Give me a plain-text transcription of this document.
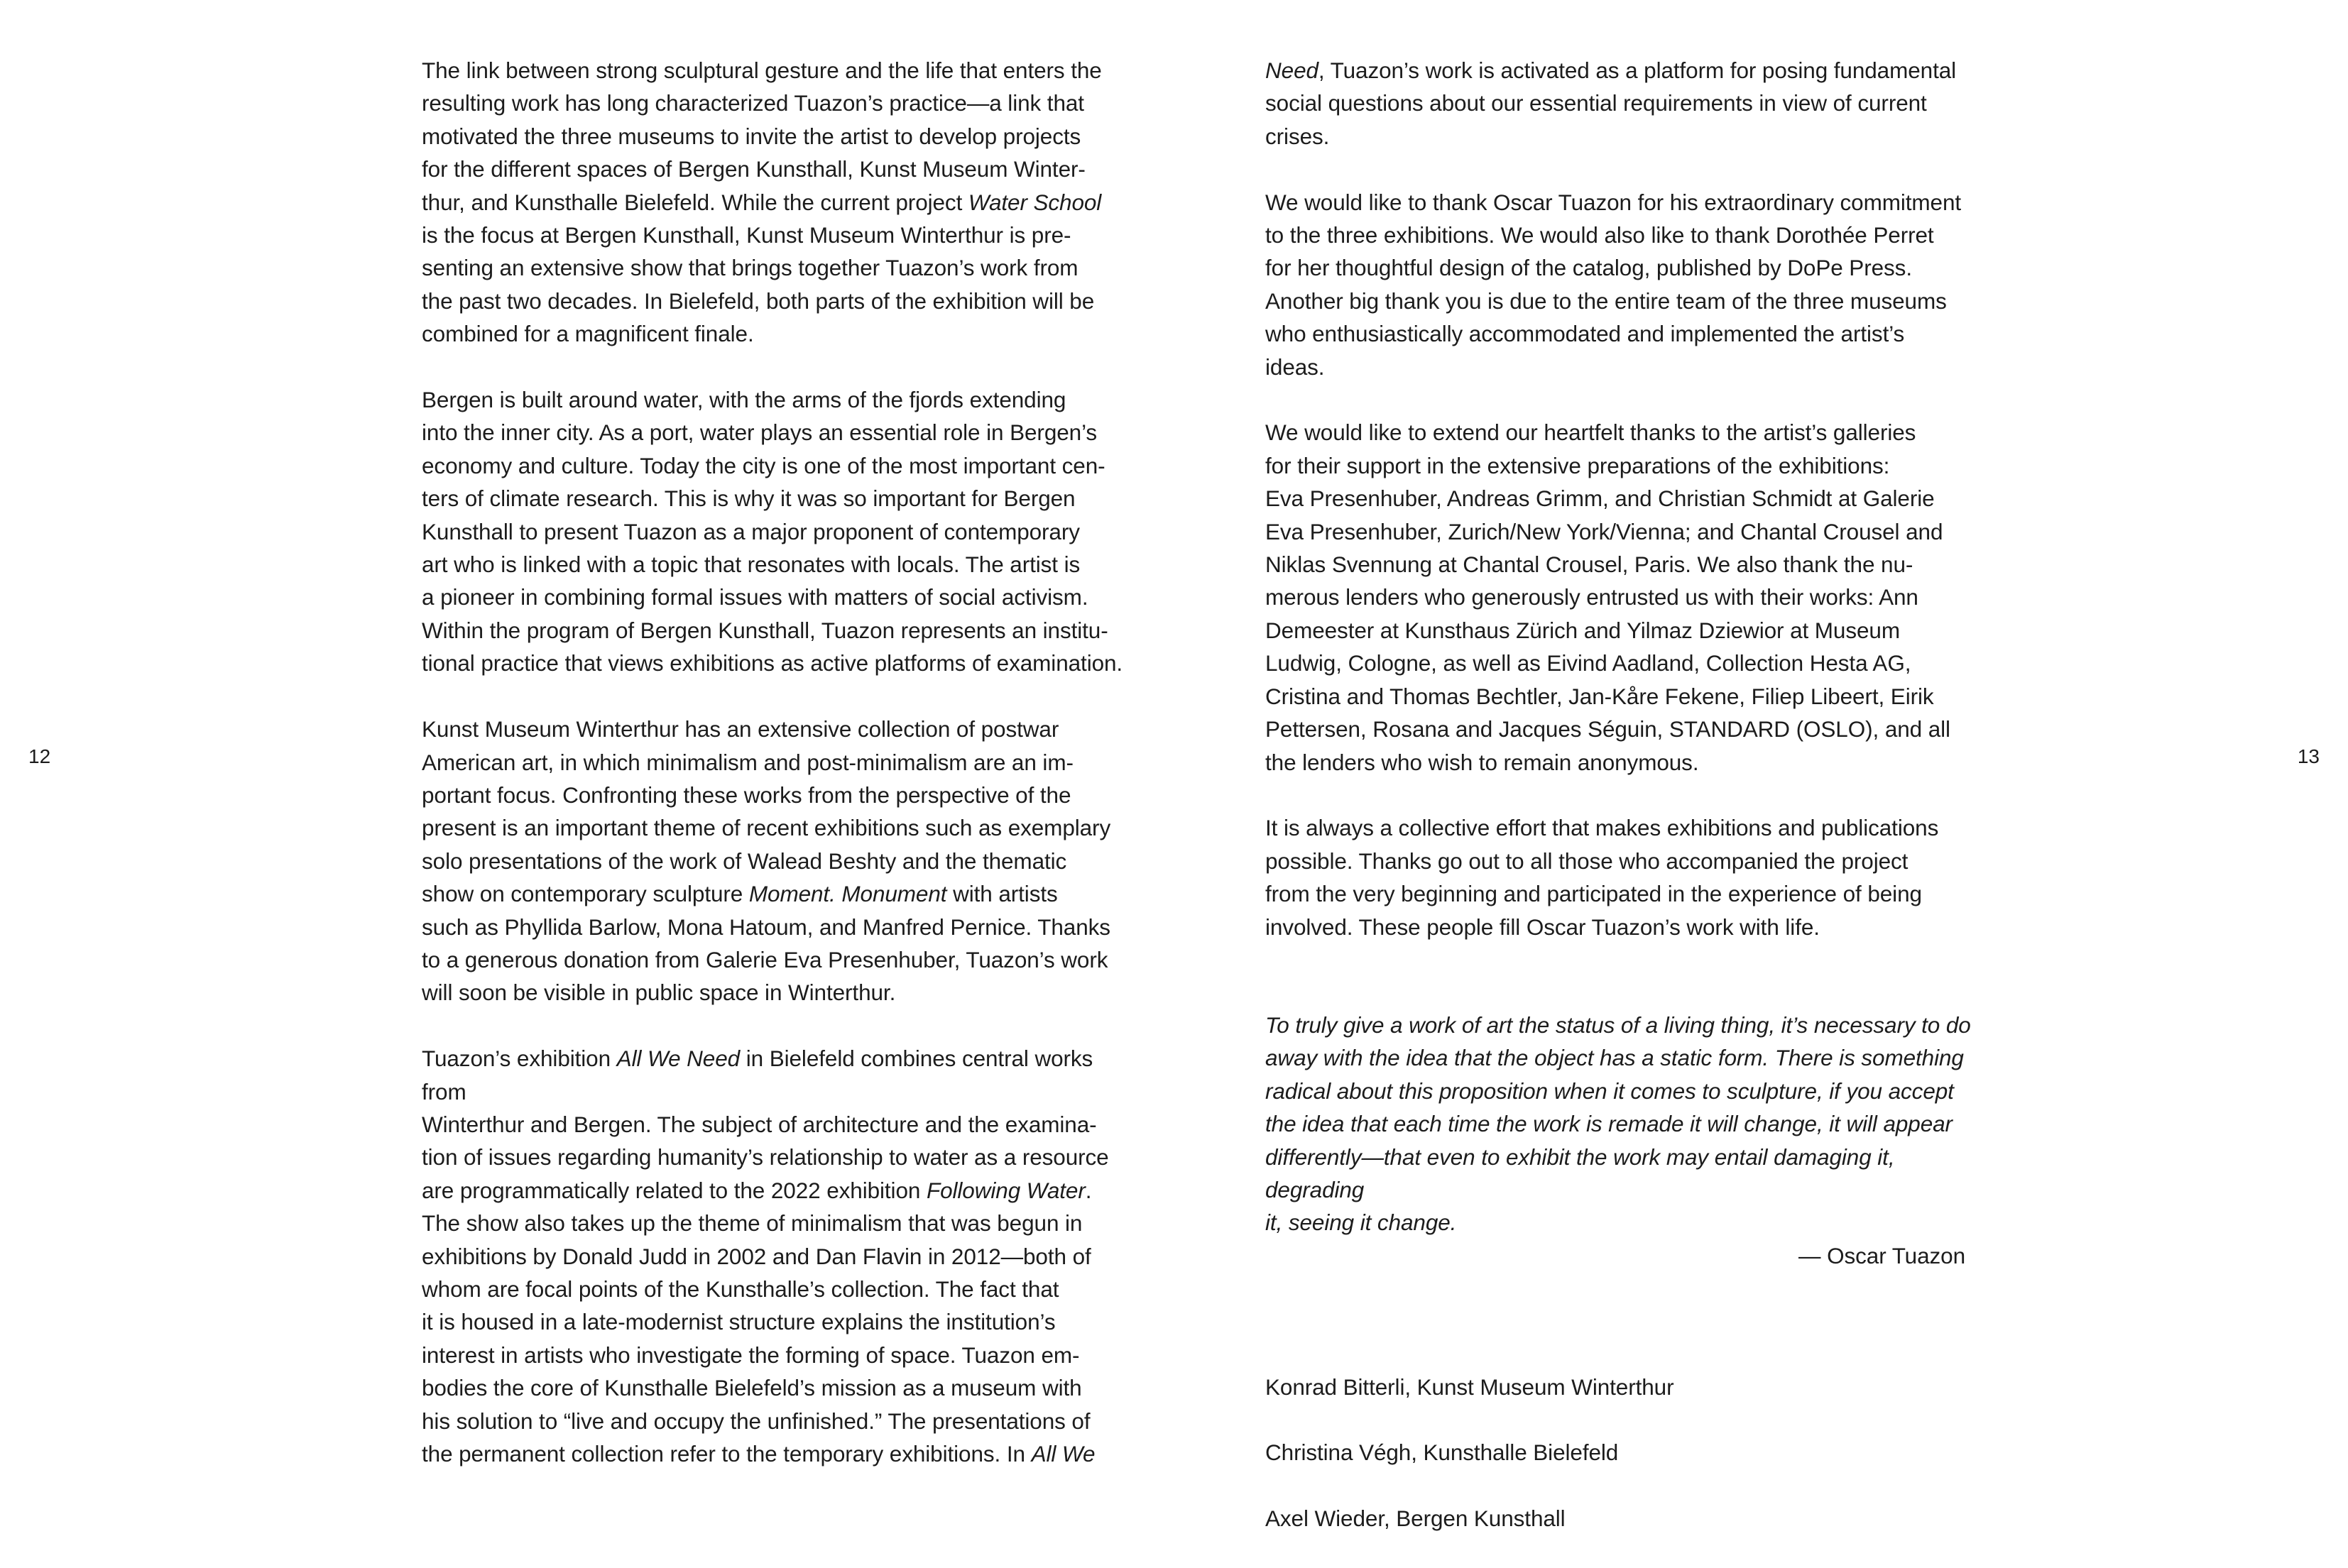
12	13

The link between strong sculptural gesture and the life that enters the
resulting work has long characterized Tuazon’s practice—a link that
motivated the three museums to invite the artist to develop projects
for the different spaces of Bergen Kunsthall, Kunst Museum Winter-
thur, and Kunsthalle Bielefeld. While the current project Water School
is the focus at Bergen Kunsthall, Kunst Museum Winterthur is pre-
senting an extensive show that brings together Tuazon’s work from
the past two decades. In Bielefeld, both parts of the exhibition will be
combined for a magnificent finale.

Bergen is built around water, with the arms of the fjords extending
into the inner city. As a port, water plays an essential role in Bergen’s
economy and culture. Today the city is one of the most important cen-
ters of climate research. This is why it was so important for Bergen
Kunsthall to present Tuazon as a major proponent of contemporary
art who is linked with a topic that resonates with locals. The artist is
a pioneer in combining formal issues with matters of social activism.
Within the program of Bergen Kunsthall, Tuazon represents an institu-
tional practice that views exhibitions as active platforms of examination.

Kunst Museum Winterthur has an extensive collection of postwar
American art, in which minimalism and post-minimalism are an im-
portant focus. Confronting these works from the perspective of the
present is an important theme of recent exhibitions such as exemplary
solo presentations of the work of Walead Beshty and the thematic
show on contemporary sculpture Moment. Monument with artists
such as Phyllida Barlow, Mona Hatoum, and Manfred Pernice. Thanks
to a generous donation from Galerie Eva Presenhuber, Tuazon’s work
will soon be visible in public space in Winterthur.

Tuazon’s exhibition All We Need in Bielefeld combines central works from
Winterthur and Bergen. The subject of architecture and the examina-
tion of issues regarding humanity’s relationship to water as a resource
are programmatically related to the 2022 exhibition Following Water.
The show also takes up the theme of minimalism that was begun in
exhibitions by Donald Judd in 2002 and Dan Flavin in 2012—both of
whom are focal points of the Kunsthalle’s collection. The fact that
it is housed in a late-modernist structure explains the institution’s
interest in artists who investigate the forming of space. Tuazon em-
bodies the core of Kunsthalle Bielefeld’s mission as a museum with
his solution to “live and occupy the unfinished.” The presentations of
the permanent collection refer to the temporary exhibitions. In All We

Need, Tuazon’s work is activated as a platform for posing fundamental
social questions about our essential requirements in view of current
crises.

We would like to thank Oscar Tuazon for his extraordinary commitment
to the three exhibitions. We would also like to thank Dorothée Perret
for her thoughtful design of the catalog, published by DoPe Press.
Another big thank you is due to the entire team of the three museums
who enthusiastically accommodated and implemented the artist’s
ideas.

We would like to extend our heartfelt thanks to the artist’s galleries
for their support in the extensive preparations of the exhibitions:
Eva Presenhuber, Andreas Grimm, and Christian Schmidt at Galerie
Eva Presenhuber, Zurich/New York/Vienna; and Chantal Crousel and
Niklas Svennung at Chantal Crousel, Paris. We also thank the nu-
merous lenders who generously entrusted us with their works: Ann
Demeester at Kunsthaus Zürich and Yilmaz Dziewior at Museum
Ludwig, Cologne, as well as Eivind Aadland, Collection Hesta AG,
Cristina and Thomas Bechtler, Jan-Kåre Fekene, Filiep Libeert, Eirik
Pettersen, Rosana and Jacques Séguin, STANDARD (OSLO), and all
the lenders who wish to remain anonymous.

It is always a collective effort that makes exhibitions and publications
possible. Thanks go out to all those who accompanied the project
from the very beginning and participated in the experience of being
involved. These people fill Oscar Tuazon’s work with life.

To truly give a work of art the status of a living thing, it’s necessary to do
away with the idea that the object has a static form. There is something
radical about this proposition when it comes to sculpture, if you accept
the idea that each time the work is remade it will change, it will appear
differently—that even to exhibit the work may entail damaging it, degrading
it, seeing it change.
— Oscar Tuazon

Konrad Bitterli, Kunst Museum Winterthur

Christina Végh, Kunsthalle Bielefeld

Axel Wieder, Bergen Kunsthall
